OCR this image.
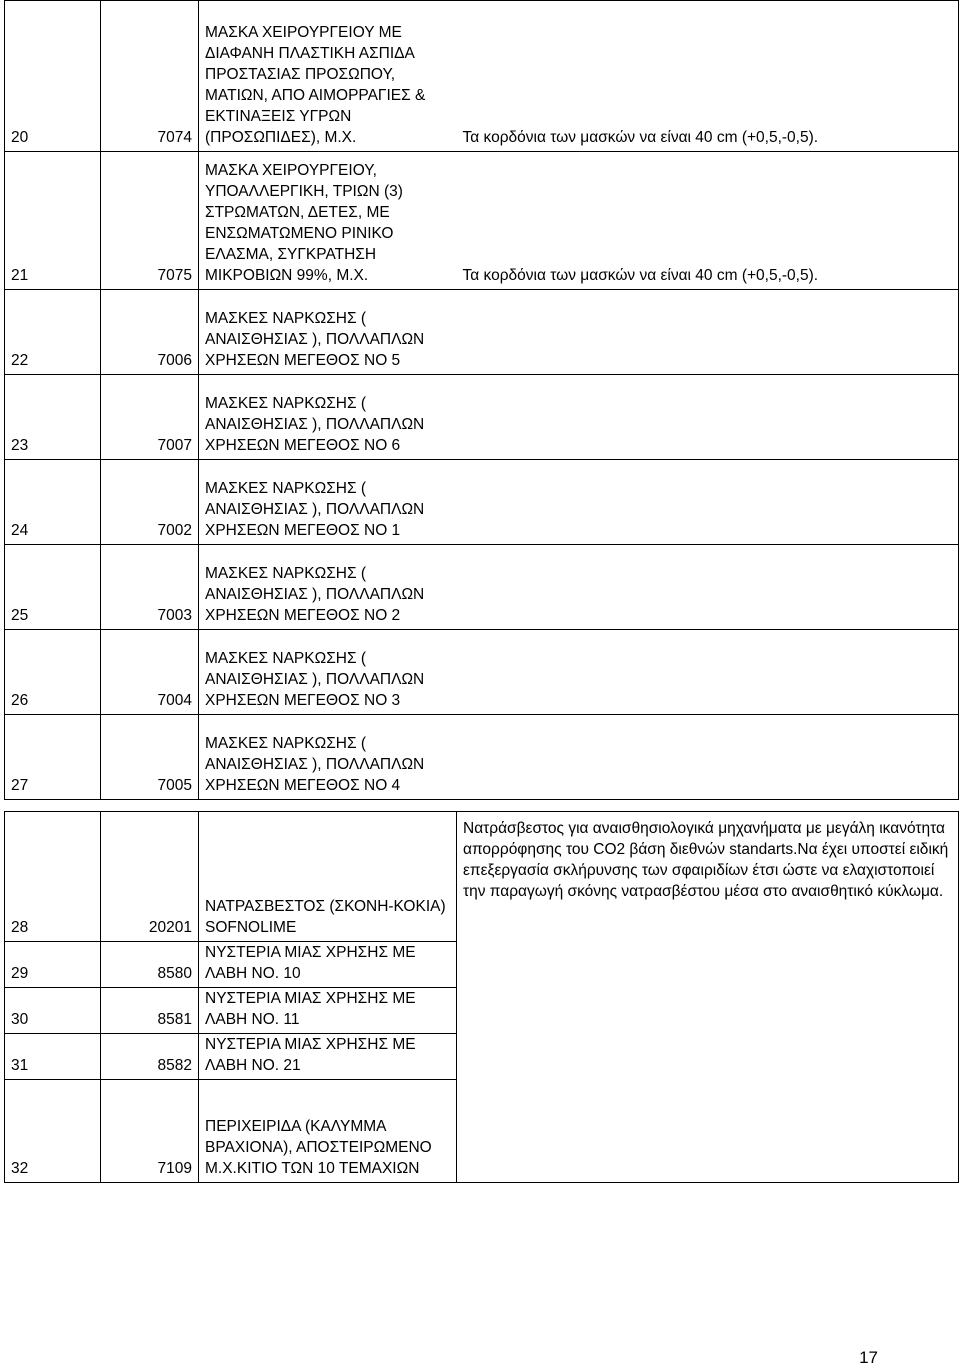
20	7074	ΜΑΣΚΑ ΧΕΙΡΟΥΡΓΕΙΟΥ ΜΕ ΔΙΑΦΑΝΗ ΠΛΑΣΤΙΚΗ ΑΣΠΙΔΑ ΠΡΟΣΤΑΣΙΑΣ ΠΡΟΣΩΠΟΥ, ΜΑΤΙΩΝ, ΑΠΟ ΑΙΜΟΡΡΑΓΙΕΣ & ΕΚΤΙΝΑΞΕΙΣ ΥΓΡΩΝ (ΠΡΟΣΩΠΙΔΕΣ), Μ.Χ.	Τα κορδόνια των μασκών να είναι 40 cm (+0,5,-0,5).
21	7075	ΜΑΣΚΑ ΧΕΙΡΟΥΡΓΕΙΟΥ, ΥΠΟΑΛΛΕΡΓΙΚΗ, ΤΡΙΩΝ (3) ΣΤΡΩΜΑΤΩΝ, ΔΕΤΕΣ, ΜΕ ΕΝΣΩΜΑΤΩΜΕΝΟ ΡΙΝΙΚΟ ΕΛΑΣΜΑ, ΣΥΓΚΡΑΤΗΣΗ ΜΙΚΡΟΒΙΩΝ 99%, Μ.Χ.	Τα κορδόνια των μασκών να είναι 40 cm (+0,5,-0,5).
22	7006	ΜΑΣΚΕΣ ΝΑΡΚΩΣΗΣ ( ΑΝΑΙΣΘΗΣΙΑΣ ), ΠΟΛΛΑΠΛΩΝ ΧΡΗΣΕΩΝ ΜΕΓΕΘΟΣ ΝΟ 5	
23	7007	ΜΑΣΚΕΣ ΝΑΡΚΩΣΗΣ ( ΑΝΑΙΣΘΗΣΙΑΣ ), ΠΟΛΛΑΠΛΩΝ ΧΡΗΣΕΩΝ ΜΕΓΕΘΟΣ ΝΟ 6	
24	7002	ΜΑΣΚΕΣ ΝΑΡΚΩΣΗΣ ( ΑΝΑΙΣΘΗΣΙΑΣ ), ΠΟΛΛΑΠΛΩΝ ΧΡΗΣΕΩΝ ΜΕΓΕΘΟΣ ΝΟ 1	
25	7003	ΜΑΣΚΕΣ ΝΑΡΚΩΣΗΣ ( ΑΝΑΙΣΘΗΣΙΑΣ ), ΠΟΛΛΑΠΛΩΝ ΧΡΗΣΕΩΝ ΜΕΓΕΘΟΣ ΝΟ 2	
26	7004	ΜΑΣΚΕΣ ΝΑΡΚΩΣΗΣ ( ΑΝΑΙΣΘΗΣΙΑΣ ), ΠΟΛΛΑΠΛΩΝ ΧΡΗΣΕΩΝ ΜΕΓΕΘΟΣ ΝΟ 3	
27	7005	ΜΑΣΚΕΣ ΝΑΡΚΩΣΗΣ ( ΑΝΑΙΣΘΗΣΙΑΣ ), ΠΟΛΛΑΠΛΩΝ ΧΡΗΣΕΩΝ ΜΕΓΕΘΟΣ ΝΟ 4	
28	20201	ΝΑΤΡΑΣΒΕΣΤΟΣ (ΣΚΟΝΗ-ΚΟΚΙΑ) SOFNOLIME	Νατράσβεστος για αναισθησιολογικά μηχανήματα με μεγάλη ικανότητα απορρόφησης του CO2 βάση διεθνών standarts.Να έχει υποστεί ειδική επεξεργασία σκλήρυνσης των σφαιριδίων έτσι ώστε να ελαχιστοποιεί την παραγωγή σκόνης νατρασβέστου μέσα στο αναισθητικό κύκλωμα.
29	8580	ΝΥΣΤΕΡΙΑ ΜΙΑΣ ΧΡΗΣΗΣ ΜΕ ΛΑΒΗ ΝΟ. 10	
30	8581	ΝΥΣΤΕΡΙΑ ΜΙΑΣ ΧΡΗΣΗΣ ΜΕ ΛΑΒΗ ΝΟ. 11	
31	8582	ΝΥΣΤΕΡΙΑ ΜΙΑΣ ΧΡΗΣΗΣ ΜΕ ΛΑΒΗ ΝΟ. 21	
32	7109	ΠΕΡΙΧΕΙΡΙΔΑ (ΚΑΛΥΜΜΑ ΒΡΑΧΙΟΝΑ), ΑΠΟΣΤΕΙΡΩΜΕΝΟ Μ.Χ.ΚΙΤΙΟ ΤΩΝ 10 ΤΕΜΑΧΙΩΝ	
17
